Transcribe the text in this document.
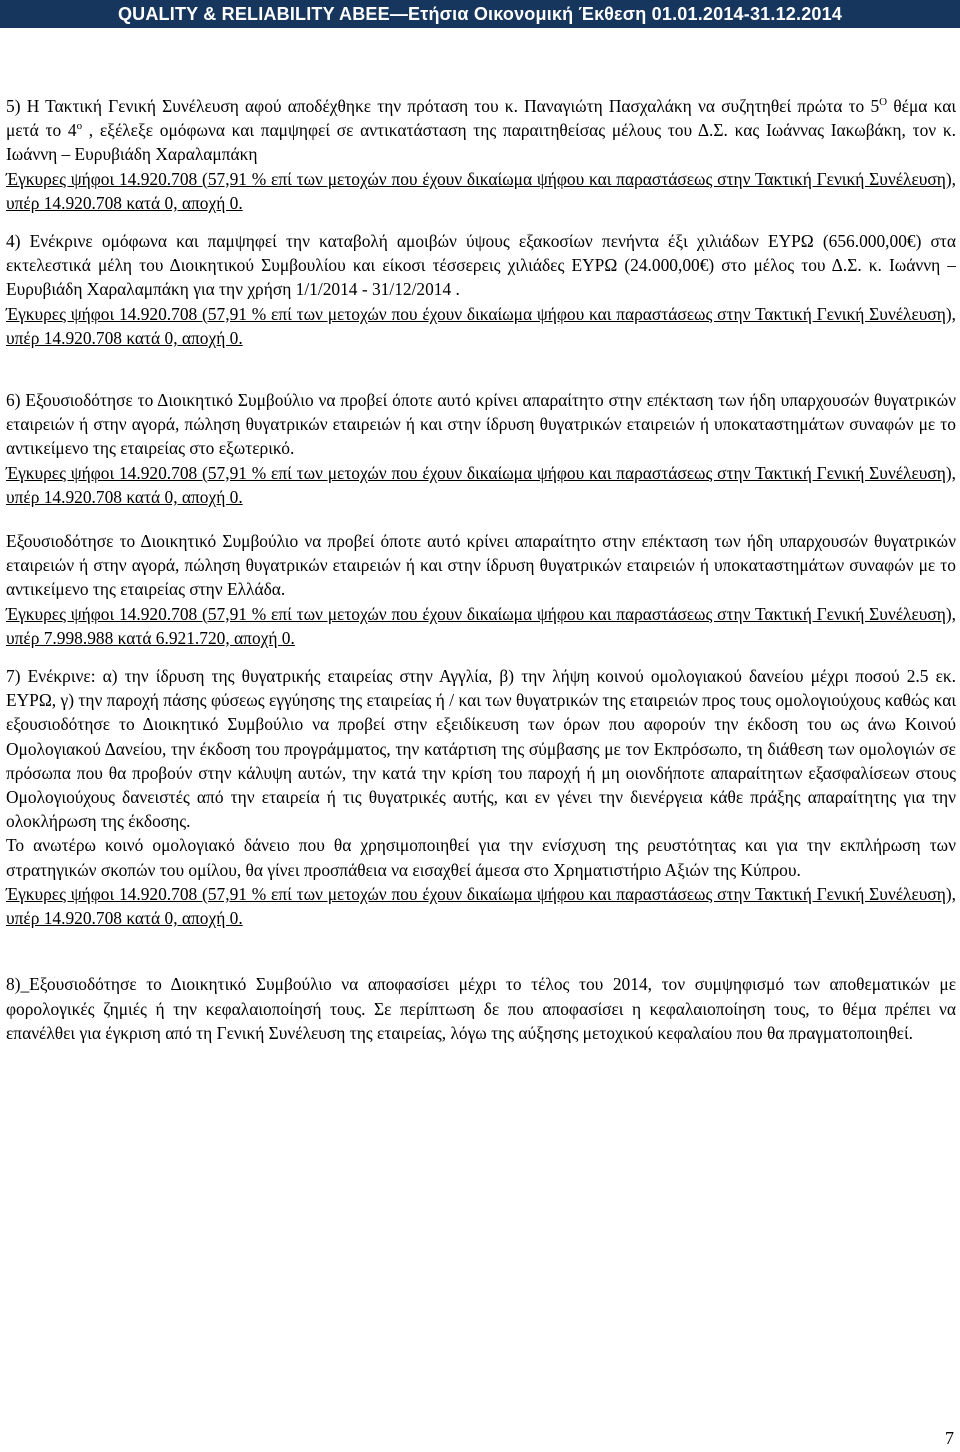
QUALITY & RELIABILITY ABEE—Ετήσια Οικονομική Έκθεση 01.01.2014-31.12.2014

5) Η Τακτική Γενική Συνέλευση αφού αποδέχθηκε την πρόταση του κ. Παναγιώτη Πασχαλάκη να συζητηθεί πρώτα το $5^O$ θέμα και μετά το $4^o$ , εξέλεξε ομόφωνα και παμψηφεί σε αντικατάσταση της παραιτηθείσας μέλους του Δ.Σ. κας Ιωάννας Ιακωβάκη, τον κ. Ιωάννη – Ευρυβιάδη Χαραλαμπάκη

Έγκυρες ψήφοι 14.920.708 (57,91 % επί των μετοχών που έχουν δικαίωμα ψήφου και παραστάσεως στην Τακτική Γενική Συνέλευση), υπέρ 14.920.708 κατά 0, αποχή 0.

4) Ενέκρινε ομόφωνα και παμψηφεί την καταβολή αμοιβών ύψους εξακοσίων πενήντα έξι χιλιάδων ΕΥΡΩ (656.000,00€) στα εκτελεστικά μέλη του Διοικητικού Συμβουλίου και είκοσι τέσσερεις χιλιάδες ΕΥΡΩ (24.000,00€) στο μέλος του Δ.Σ. κ. Ιωάννη – Ευρυβιάδη Χαραλαμπάκη για την χρήση 1/1/2014 - 31/12/2014 .

Έγκυρες ψήφοι 14.920.708 (57,91 % επί των μετοχών που έχουν δικαίωμα ψήφου και παραστάσεως στην Τακτική Γενική Συνέλευση), υπέρ 14.920.708 κατά 0, αποχή 0.

6) Εξουσιοδότησε το Διοικητικό Συμβούλιο να προβεί όποτε αυτό κρίνει απαραίτητο στην επέκταση των ήδη υπαρχουσών θυγατρικών εταιρειών ή στην αγορά, πώληση θυγατρικών εταιρειών ή και στην ίδρυση θυγατρικών εταιρειών ή υποκαταστημάτων συναφών με το αντικείμενο της εταιρείας στο εξωτερικό.

Έγκυρες ψήφοι 14.920.708 (57,91 % επί των μετοχών που έχουν δικαίωμα ψήφου και παραστάσεως στην Τακτική Γενική Συνέλευση), υπέρ 14.920.708 κατά 0, αποχή 0.

Εξουσιοδότησε το Διοικητικό Συμβούλιο να προβεί όποτε αυτό κρίνει απαραίτητο στην επέκταση των ήδη υπαρχουσών θυγατρικών εταιρειών ή στην αγορά, πώληση θυγατρικών εταιρειών ή και στην ίδρυση θυγατρικών εταιρειών ή υποκαταστημάτων συναφών με το αντικείμενο της εταιρείας στην Ελλάδα.

Έγκυρες ψήφοι 14.920.708 (57,91 % επί των μετοχών που έχουν δικαίωμα ψήφου και παραστάσεως στην Τακτική Γενική Συνέλευση), υπέρ 7.998.988 κατά 6.921.720, αποχή 0.

7) Ενέκρινε: α) την ίδρυση της θυγατρικής εταιρείας στην Αγγλία, β) την λήψη κοινού ομολογιακού δανείου μέχρι ποσού 2.5 εκ. ΕΥΡΩ, γ) την παροχή πάσης φύσεως εγγύησης της εταιρείας ή / και των θυγατρικών της εταιρειών προς τους ομολογιούχους καθώς και εξουσιοδότησε το Διοικητικό Συμβούλιο να προβεί στην εξειδίκευση των όρων που αφορούν την έκδοση του ως άνω Κοινού Ομολογιακού Δανείου, την έκδοση του προγράμματος, την κατάρτιση της σύμβασης με τον Εκπρόσωπο, τη διάθεση των ομολογιών σε πρόσωπα που θα προβούν στην κάλυψη αυτών, την κατά την κρίση του παροχή ή μη οιονδήποτε απαραίτητων εξασφαλίσεων στους Ομολογιούχους δανειστές από την εταιρεία ή τις θυγατρικές αυτής, και εν γένει την διενέργεια κάθε πράξης απαραίτητης για την ολοκλήρωση της έκδοσης.

Το ανωτέρω κοινό ομολογιακό δάνειο που θα χρησιμοποιηθεί για την ενίσχυση της ρευστότητας και για την εκπλήρωση των στρατηγικών σκοπών του ομίλου, θα γίνει προσπάθεια να εισαχθεί άμεσα στο Χρηματιστήριο Αξιών της Κύπρου.

Έγκυρες ψήφοι 14.920.708 (57,91 % επί των μετοχών που έχουν δικαίωμα ψήφου και παραστάσεως στην Τακτική Γενική Συνέλευση), υπέρ 14.920.708 κατά 0, αποχή 0.

8)_Εξουσιοδότησε το Διοικητικό Συμβούλιο να αποφασίσει μέχρι το τέλος του 2014, τον συμψηφισμό των αποθεματικών με φορολογικές ζημιές ή την κεφαλαιοποίησή τους. Σε περίπτωση δε που αποφασίσει η κεφαλαιοποίηση τους, το θέμα πρέπει να επανέλθει για έγκριση από τη Γενική Συνέλευση της εταιρείας, λόγω της αύξησης μετοχικού κεφαλαίου που θα πραγματοποιηθεί.

7
